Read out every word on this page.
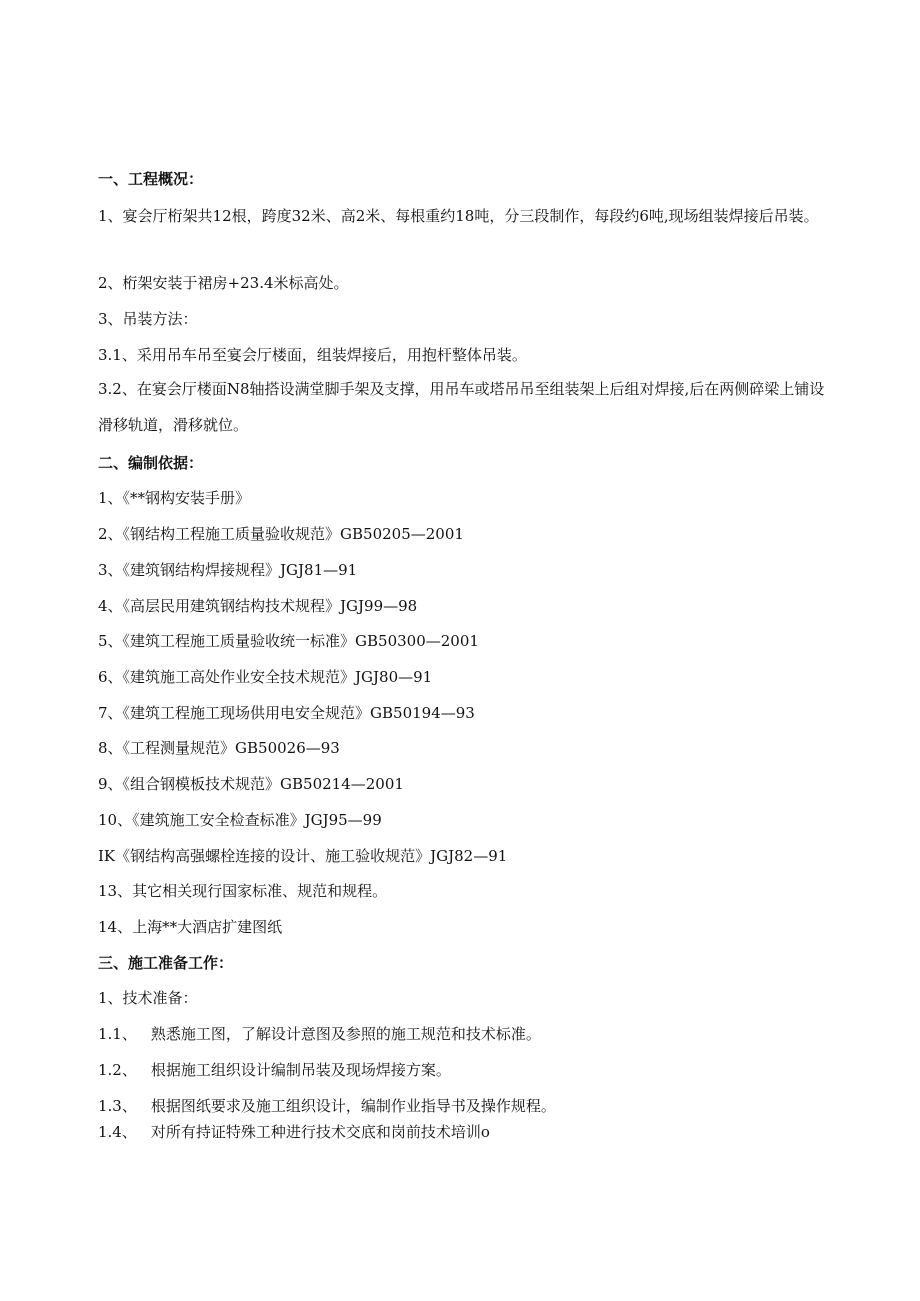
一、工程概况：
1、宴会厅桁架共12根，跨度32米、高2米、每根重约18吨，分三段制作，每段约6吨,现场组装焊接后吊装。
2、桁架安装于裙房+23.4米标高处。
3、吊装方法：
3.1、采用吊车吊至宴会厅楼面，组装焊接后，用抱杆整体吊装。
3.2、在宴会厅楼面N8轴搭设满堂脚手架及支撑，用吊车或塔吊吊至组装架上后组对焊接,后在两侧碎梁上铺设滑移轨道，滑移就位。
二、编制依据：
1、《**钢构安装手册》
2、《钢结构工程施工质量验收规范》GB50205—2001
3、《建筑钢结构焊接规程》JGJ81—91
4、《高层民用建筑钢结构技术规程》JGJ99—98
5、《建筑工程施工质量验收统一标准》GB50300—2001
6、《建筑施工高处作业安全技术规范》JGJ80—91
7、《建筑工程施工现场供用电安全规范》GB50194—93
8、《工程测量规范》GB50026—93
9、《组合钢模板技术规范》GB50214—2001
10、《建筑施工安全检查标准》JGJ95—99
IK《钢结构高强螺栓连接的设计、施工验收规范》JGJ82—91
13、其它相关现行国家标准、规范和规程。
14、上海**大酒店扩建图纸
三、施工准备工作：
1、技术准备：
1.1、 熟悉施工图，了解设计意图及参照的施工规范和技术标准。
1.2、 根据施工组织设计编制吊装及现场焊接方案。
1.3、 根据图纸要求及施工组织设计，编制作业指导书及操作规程。
1.4、 对所有持证特殊工种进行技术交底和岗前技术培训o
